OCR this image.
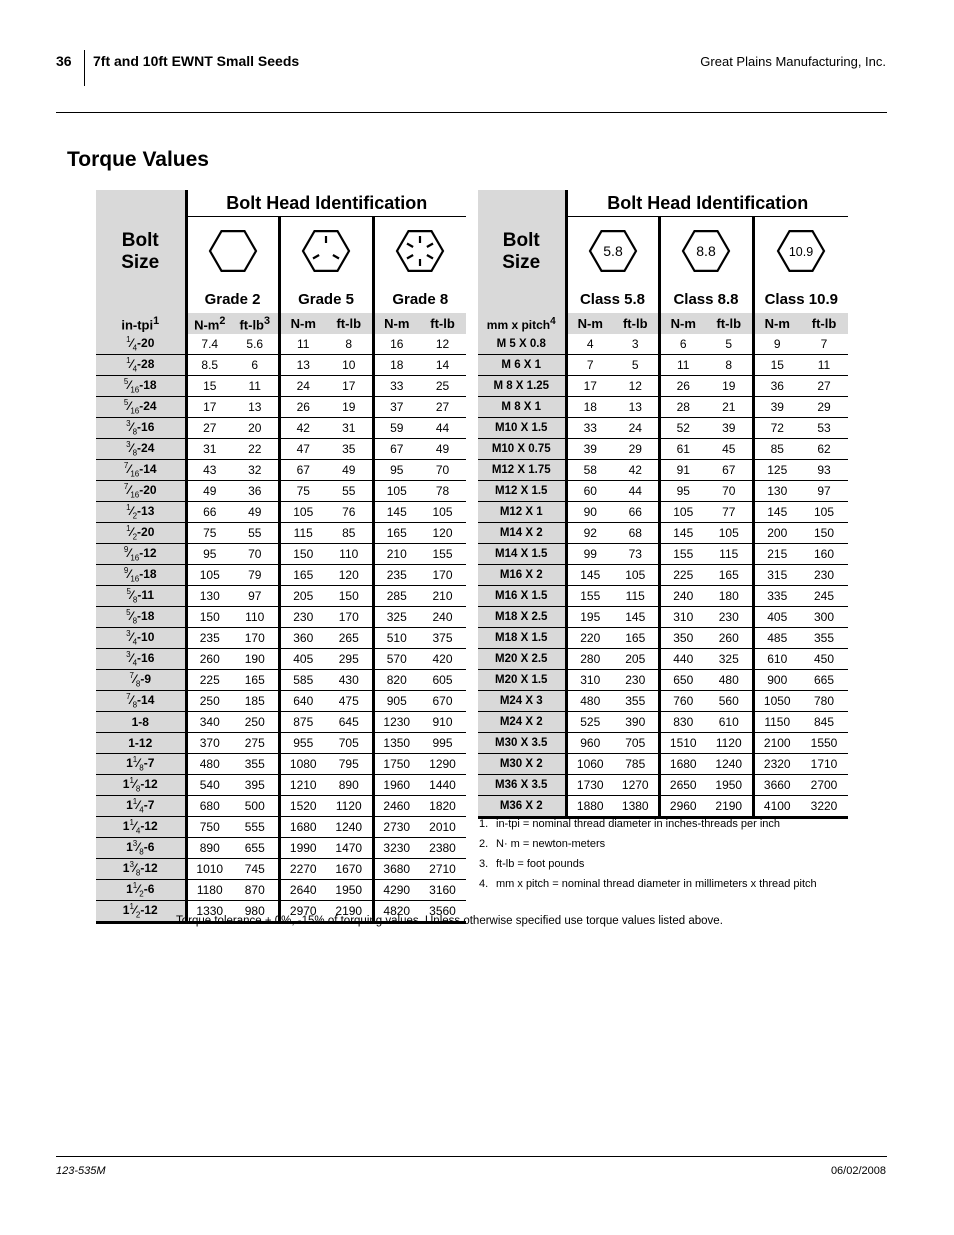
36 7ft and 10ft EWNT Small Seeds	Great Plains Manufacturing, Inc.
Torque Values
Bolt
Size	Bolt Head Identification					

	Grade 2		Grade 5		Grade 8	
in-tpi$^1$	$N-m^2$	$ft-lb^3$	N-m	ft-lb	N-m	ft-lb
$^1⁄_4-20$	7.4	5.6	11	8	16	12
$^1⁄_4-28$	8.5	6	13	10	18	14
$^5⁄_{16}-18$	15	11	24	17	33	25
$^5⁄_{16}-24$	17	13	26	19	37	27
$^3⁄_8-16$	27	20	42	31	59	44
$^3⁄_8-24$	31	22	47	35	67	49
$^7⁄_{16}-14$	43	32	67	49	95	70
$^7⁄_{16}-20$	49	36	75	55	105	78
$^1⁄_2-13$	66	49	105	76	145	105
$^1⁄_2-20$	75	55	115	85	165	120
$^9⁄_{16}-12$	95	70	150	110	210	155
$^9⁄_{16}-18$	105	79	165	120	235	170
$^5⁄_8-11$	130	97	205	150	285	210
$^5⁄_8-18$	150	110	230	170	325	240
$^3⁄_4-10$	235	170	360	265	510	375
$^3⁄_4-16$	260	190	405	295	570	420
$^7⁄_8-9$	225	165	585	430	820	605
$^7⁄_8-14$	250	185	640	475	905	670
1-8	340	250	875	645	1230	910
1-12	370	275	955	705	1350	995
$1^1⁄_8-7$	480	355	1080	795	1750	1290
$1^1⁄_8-12$	540	395	1210	890	1960	1440
$1^1⁄_4-7$	680	500	1520	1120	2460	1820
$1^1⁄_4-12$	750	555	1680	1240	2730	2010
$1^3⁄_8-6$	890	655	1990	1470	3230	2380
$1^3⁄_8-12$	1010	745	2270	1670	3680	2710
$1^1⁄_2-6$	1180	870	2640	1950	4290	3160
$1^1⁄_2-12$	1330	980	2970	2190	4820	3560
Bolt
Size	Bolt Head Identification					

5.8		8.8		10.9	

	Class 5.8		Class 8.8		Class 10.9	
mm x pitch$^4$	N-m	ft-lb	N-m	ft-lb	N-m	ft-lb
M 5 X 0.8	4	3	6	5	9	7
M 6 X 1	7	5	11	8	15	11
M 8 X 1.25	17	12	26	19	36	27
M 8 X 1	18	13	28	21	39	29
M10 X 1.5	33	24	52	39	72	53
M10 X 0.75	39	29	61	45	85	62
M12 X 1.75	58	42	91	67	125	93
M12 X 1.5	60	44	95	70	130	97
M12 X 1	90	66	105	77	145	105
M14 X 2	92	68	145	105	200	150
M14 X 1.5	99	73	155	115	215	160
M16 X 2	145	105	225	165	315	230
M16 X 1.5	155	115	240	180	335	245
M18 X 2.5	195	145	310	230	405	300
M18 X 1.5	220	165	350	260	485	355
M20 X 2.5	280	205	440	325	610	450
M20 X 1.5	310	230	650	480	900	665
M24 X 3	480	355	760	560	1050	780
M24 X 2	525	390	830	610	1150	845
M30 X 3.5	960	705	1510	1120	2100	1550
M30 X 2	1060	785	1680	1240	2320	1710
M36 X 3.5	1730	1270	2650	1950	3660	2700
M36 X 2	1880	1380	2960	2190	4100	3220
1. in-tpi = nominal thread diameter in inches-threads per inch
2. N· m = newton-meters
3. ft-lb = foot pounds
4. mm x pitch = nominal thread diameter in millimeters x thread pitch
Torque tolerance + 0%, -15% of torquing values. Unless otherwise specified use torque values listed above.
123-535M	06/02/2008
